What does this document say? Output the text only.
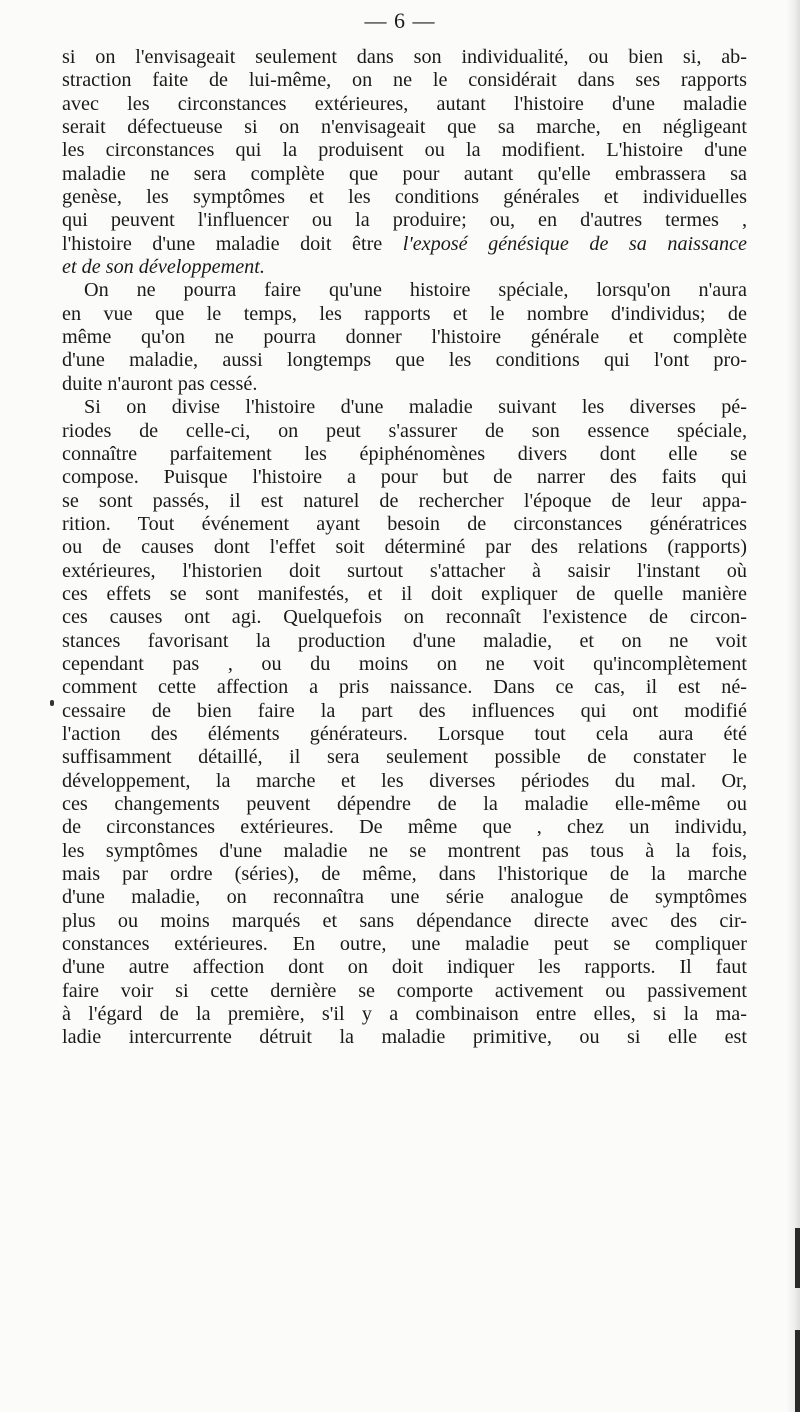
— 6 —
si on l'envisageait seulement dans son individualité, ou bien si, ab-
straction faite de lui-même, on ne le considérait dans ses rapports
avec les circonstances extérieures, autant l'histoire d'une maladie
serait défectueuse si on n'envisageait que sa marche, en négligeant
les circonstances qui la produisent ou la modifient. L'histoire d'une
maladie ne sera complète que pour autant qu'elle embrassera sa
genèse, les symptômes et les conditions générales et individuelles
qui peuvent l'influencer ou la produire; ou, en d'autres termes ,
l'histoire d'une maladie doit être l'exposé génésique de sa naissance
et de son développement.
On ne pourra faire qu'une histoire spéciale, lorsqu'on n'aura
en vue que le temps, les rapports et le nombre d'individus; de
même qu'on ne pourra donner l'histoire générale et complète
d'une maladie, aussi longtemps que les conditions qui l'ont pro-
duite n'auront pas cessé.
Si on divise l'histoire d'une maladie suivant les diverses pé-
riodes de celle-ci, on peut s'assurer de son essence spéciale,
connaître parfaitement les épiphénomènes divers dont elle se
compose. Puisque l'histoire a pour but de narrer des faits qui
se sont passés, il est naturel de rechercher l'époque de leur appa-
rition. Tout événement ayant besoin de circonstances génératrices
ou de causes dont l'effet soit déterminé par des relations (rapports)
extérieures, l'historien doit surtout s'attacher à saisir l'instant où
ces effets se sont manifestés, et il doit expliquer de quelle manière
ces causes ont agi. Quelquefois on reconnaît l'existence de circon-
stances favorisant la production d'une maladie, et on ne voit
cependant pas , ou du moins on ne voit qu'incomplètement
comment cette affection a pris naissance. Dans ce cas, il est né-
cessaire de bien faire la part des influences qui ont modifié
l'action des éléments générateurs. Lorsque tout cela aura été
suffisamment détaillé, il sera seulement possible de constater le
développement, la marche et les diverses périodes du mal. Or,
ces changements peuvent dépendre de la maladie elle-même ou
de circonstances extérieures. De même que , chez un individu,
les symptômes d'une maladie ne se montrent pas tous à la fois,
mais par ordre (séries), de même, dans l'historique de la marche
d'une maladie, on reconnaîtra une série analogue de symptômes
plus ou moins marqués et sans dépendance directe avec des cir-
constances extérieures. En outre, une maladie peut se compliquer
d'une autre affection dont on doit indiquer les rapports. Il faut
faire voir si cette dernière se comporte activement ou passivement
à l'égard de la première, s'il y a combinaison entre elles, si la ma-
ladie intercurrente détruit la maladie primitive, ou si elle est
